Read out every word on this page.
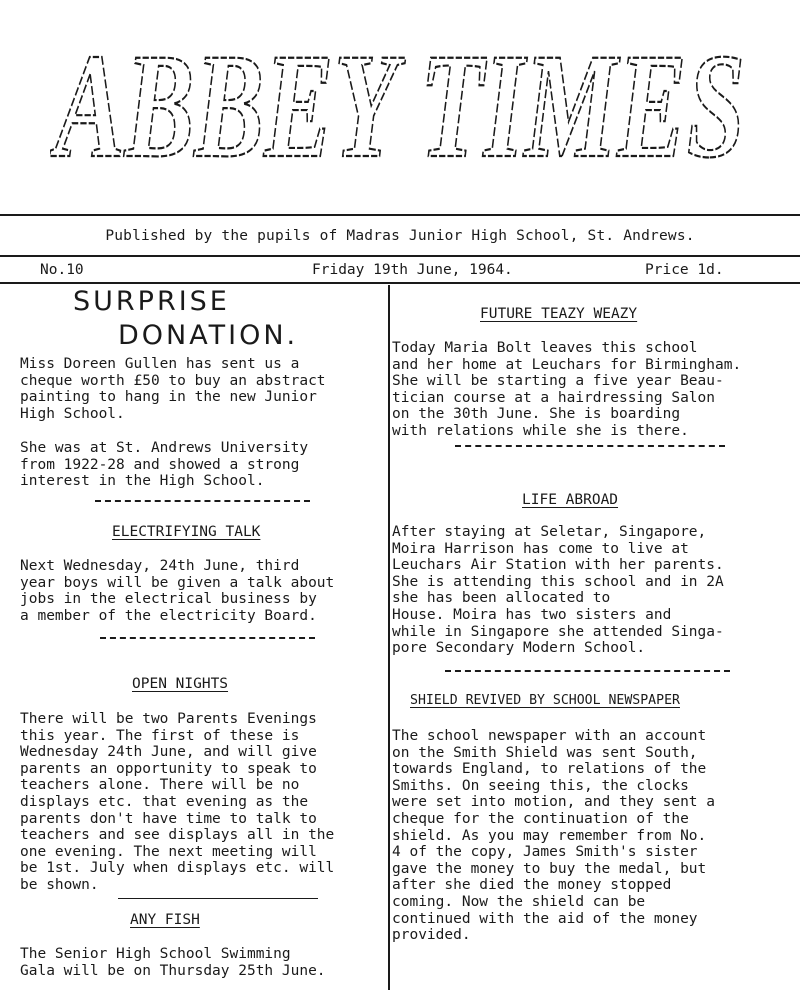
ABBEY TIMES
Published by the pupils of Madras Junior High School, St. Andrews.
No.10	Friday 19th June, 1964.	Price 1d.
SURPRISE
DONATION.
Miss Doreen Gullen has sent us a
cheque worth £50 to buy an abstract
painting to hang in the new Junior
High School.
She was at St. Andrews University
from 1922-28 and showed a strong
interest in the High School.
ELECTRIFYING TALK
Next Wednesday, 24th June, third
year boys will be given a talk about
jobs in the electrical business by
a member of the electricity Board.
OPEN NIGHTS
There will be two Parents Evenings
this year. The first of these is
Wednesday 24th June, and will give
parents an opportunity to speak to
teachers alone. There will be no
displays etc. that evening as the
parents don't have time to talk to
teachers and see displays all in the
one evening. The next meeting will
be 1st. July when displays etc. will
be shown.
ANY FISH
The Senior High School Swimming
Gala will be on Thursday 25th June.
FUTURE TEAZY WEAZY
Today Maria Bolt leaves this school
and her home at Leuchars for Birmingham.
She will be starting a five year Beau-
tician course at a hairdressing Salon
on the 30th June. She is boarding
with relations while she is there.
LIFE ABROAD
After staying at Seletar, Singapore,
Moira Harrison has come to live at
Leuchars Air Station with her parents.
She is attending this school and in 2A
she has been allocated to
House. Moira has two sisters and
while in Singapore she attended Singa-
pore Secondary Modern School.
SHIELD REVIVED BY SCHOOL NEWSPAPER
The school newspaper with an account
on the Smith Shield was sent South,
towards England, to relations of the
Smiths. On seeing this, the clocks
were set into motion, and they sent a
cheque for the continuation of the
shield. As you may remember from No.
4 of the copy, James Smith's sister
gave the money to buy the medal, but
after she died the money stopped
coming. Now the shield can be
continued with the aid of the money
provided.
